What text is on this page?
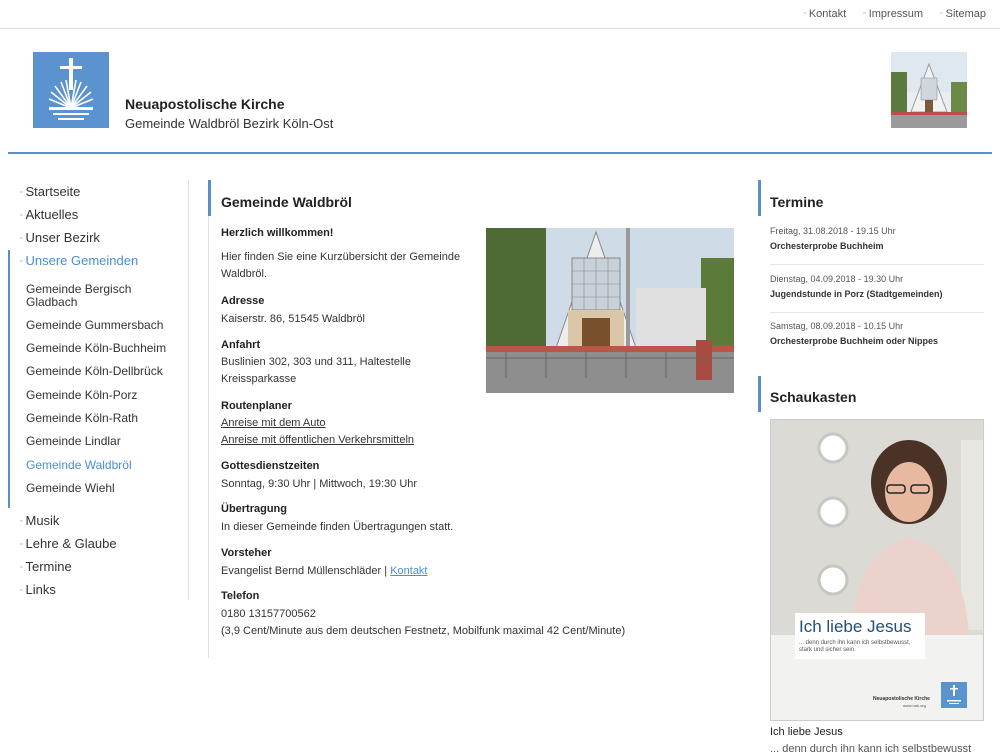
▫ Kontakt ▫ Impressum ▫ Sitemap
Neuapostolische Kirche
Gemeinde Waldbröl Bezirk Köln-Ost
▫ Startseite
▫ Aktuelles
▫ Unser Bezirk
▫ Unsere Gemeinden
Gemeinde Bergisch Gladbach
Gemeinde Gummersbach
Gemeinde Köln-Buchheim
Gemeinde Köln-Dellbrück
Gemeinde Köln-Porz
Gemeinde Köln-Rath
Gemeinde Lindlar
Gemeinde Waldbröl
Gemeinde Wiehl
▫ Musik
▫ Lehre & Glaube
▫ Termine
▫ Links
Gemeinde Waldbröl
Herzlich willkommen!
Hier finden Sie eine Kurzübersicht der Gemeinde Waldbröl.
Adresse
Kaiserstr. 86, 51545 Waldbröl
Anfahrt
Buslinien 302, 303 und 311, Haltestelle Kreissparkasse
Routenplaner
Anreise mit dem Auto
Anreise mit öffentlichen Verkehrsmitteln
Gottesdienstzeiten
Sonntag, 9:30 Uhr | Mittwoch, 19:30 Uhr
Übertragung
In dieser Gemeinde finden Übertragungen statt.
Vorsteher
Evangelist Bernd Müllenschläder | Kontakt
Telefon
0180 13157700562
(3,9 Cent/Minute aus dem deutschen Festnetz, Mobilfunk maximal 42 Cent/Minute)
Termine
Freitag, 31.08.2018 - 19.15 Uhr
Orchesterprobe Buchheim
Dienstag, 04.09.2018 - 19.30 Uhr
Jugendstunde in Porz (Stadtgemeinden)
Samstag, 08.09.2018 - 10.15 Uhr
Orchesterprobe Buchheim oder Nippes
Schaukasten
Ich liebe Jesus
... denn durch ihn kann ich selbstbewusst, stark und sicher sein.
Neuapostolische Kirche
www.nak.org
Ich liebe Jesus
... denn durch ihn kann ich selbstbewusst
